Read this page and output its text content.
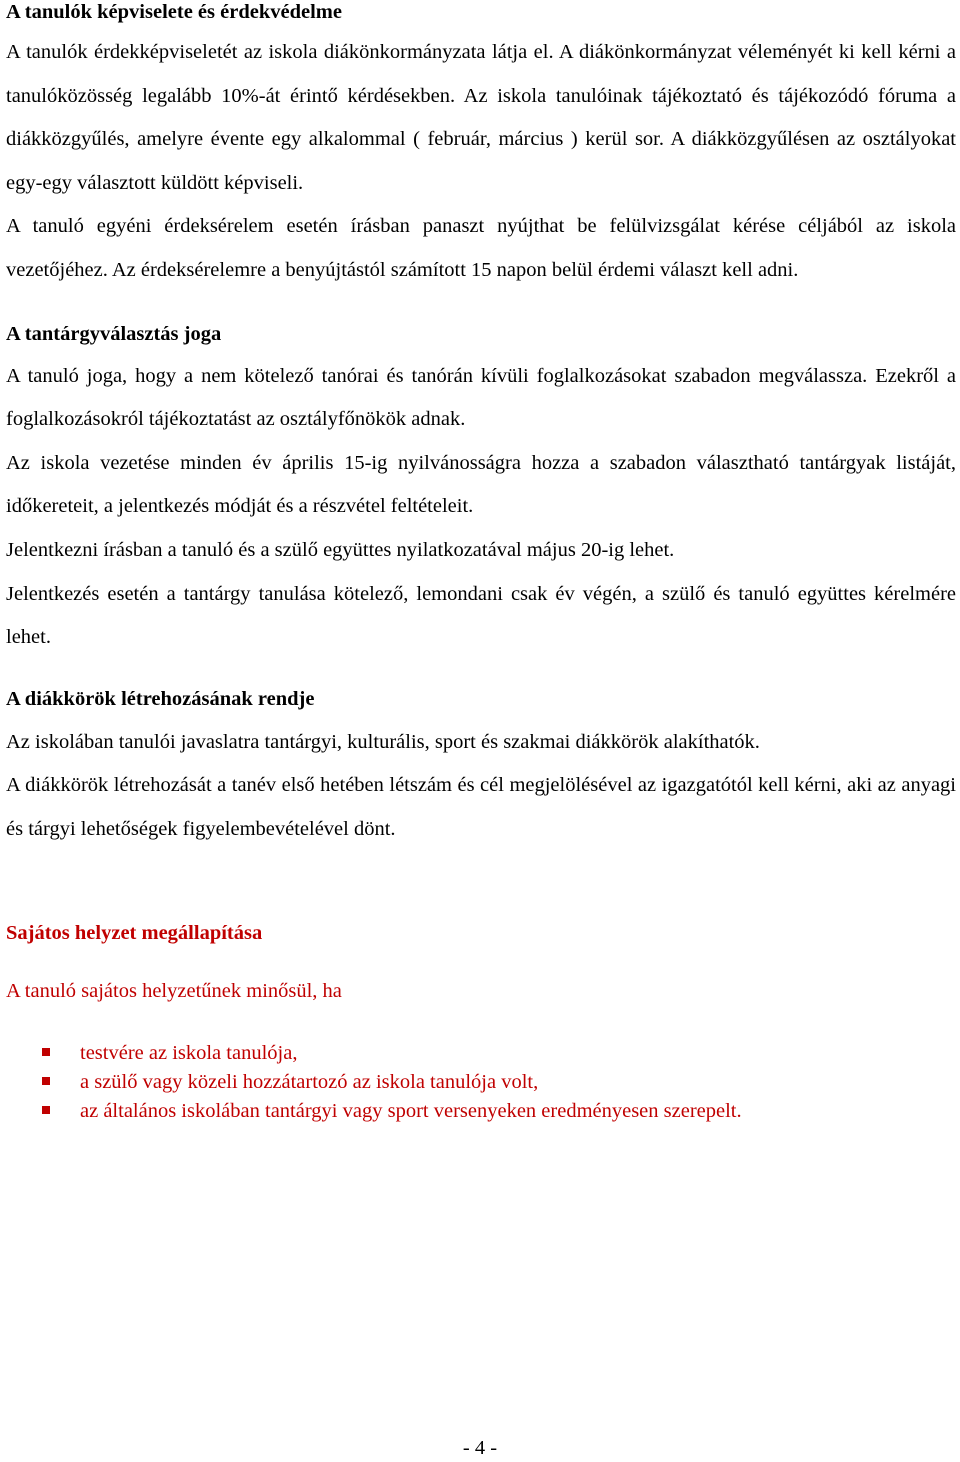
A tanulók képviselete és érdekvédelme

A tanulók érdekképviseletét az iskola diákönkormányzata látja el. A diákönkormányzat véleményét ki kell kérni a tanulóközösség legalább 10%-át érintő kérdésekben. Az iskola tanulóinak tájékoztató és tájékozódó fóruma a diákközgyűlés, amelyre évente egy alkalommal ( február, március ) kerül sor. A diákközgyűlésen az osztályokat egy-egy választott küldött képviseli.

A tanuló egyéni érdeksérelem esetén írásban panaszt nyújthat be felülvizsgálat kérése céljából az iskola vezetőjéhez. Az érdeksérelemre a benyújtástól számított 15 napon belül érdemi választ kell adni.

A tantárgyválasztás joga

A tanuló joga, hogy a nem kötelező tanórai és tanórán kívüli foglalkozásokat szabadon megválassza. Ezekről a foglalkozásokról tájékoztatást az osztályfőnökök adnak.

Az iskola vezetése minden év április 15-ig nyilvánosságra hozza a szabadon választható tantárgyak listáját, időkereteit, a jelentkezés módját és a részvétel feltételeit.

Jelentkezni írásban a tanuló és a szülő együttes nyilatkozatával május 20-ig lehet.

Jelentkezés esetén a tantárgy tanulása kötelező, lemondani csak év végén, a szülő és tanuló együttes kérelmére lehet.

A diákkörök létrehozásának rendje

Az iskolában tanulói javaslatra tantárgyi, kulturális, sport és szakmai diákkörök alakíthatók.

A diákkörök létrehozását a tanév első hetében létszám és cél megjelölésével az igazgatótól kell kérni, aki az anyagi és tárgyi lehetőségek figyelembevételével dönt.

Sajátos helyzet megállapítása

A tanuló sajátos helyzetűnek minősül, ha

testvére az iskola tanulója,
a szülő vagy közeli hozzátartozó az iskola tanulója volt,
az általános iskolában tantárgyi vagy sport versenyeken eredményesen szerepelt.
- 4 -
